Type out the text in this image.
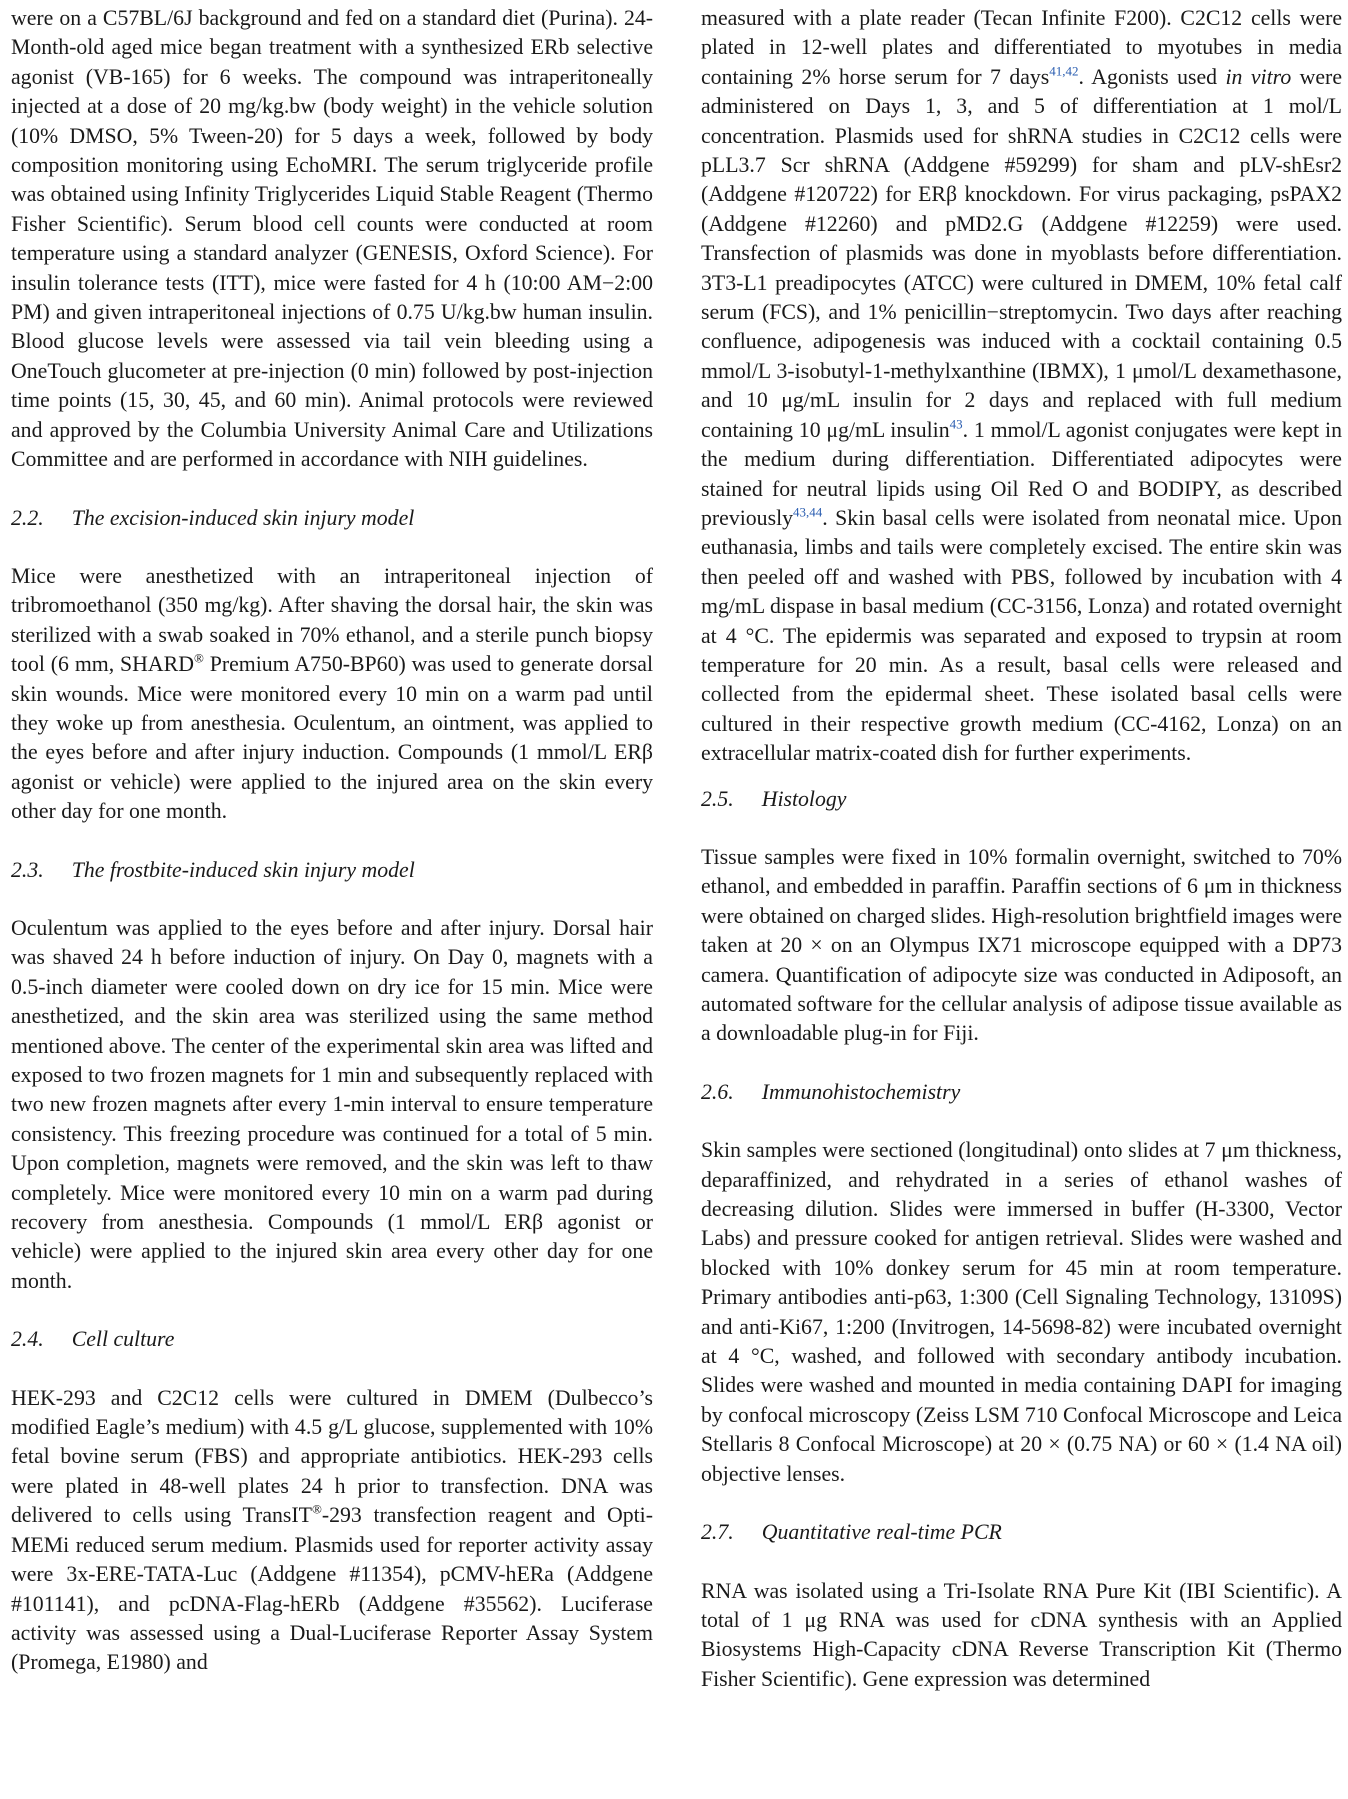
were on a C57BL/6J background and fed on a standard diet (Purina). 24-Month-old aged mice began treatment with a synthesized ERb selective agonist (VB-165) for 6 weeks. The compound was intraperitoneally injected at a dose of 20 mg/kg.bw (body weight) in the vehicle solution (10% DMSO, 5% Tween-20) for 5 days a week, followed by body composition monitoring using EchoMRI. The serum triglyceride profile was obtained using Infinity Triglycerides Liquid Stable Reagent (Thermo Fisher Scientific). Serum blood cell counts were conducted at room temperature using a standard analyzer (GENESIS, Oxford Science). For insulin tolerance tests (ITT), mice were fasted for 4 h (10:00 AM−2:00 PM) and given intraperitoneal injections of 0.75 U/kg.bw human insulin. Blood glucose levels were assessed via tail vein bleeding using a OneTouch glucometer at pre-injection (0 min) followed by post-injection time points (15, 30, 45, and 60 min). Animal protocols were reviewed and approved by the Columbia University Animal Care and Utilizations Committee and are performed in accordance with NIH guidelines.

2.2. The excision-induced skin injury model

Mice were anesthetized with an intraperitoneal injection of tribromoethanol (350 mg/kg). After shaving the dorsal hair, the skin was sterilized with a swab soaked in 70% ethanol, and a sterile punch biopsy tool (6 mm, SHARD® Premium A750-BP60) was used to generate dorsal skin wounds. Mice were monitored every 10 min on a warm pad until they woke up from anesthesia. Oculentum, an ointment, was applied to the eyes before and after injury induction. Compounds (1 mmol/L ERβ agonist or vehicle) were applied to the injured area on the skin every other day for one month.

2.3. The frostbite-induced skin injury model

Oculentum was applied to the eyes before and after injury. Dorsal hair was shaved 24 h before induction of injury. On Day 0, magnets with a 0.5-inch diameter were cooled down on dry ice for 15 min. Mice were anesthetized, and the skin area was sterilized using the same method mentioned above. The center of the experimental skin area was lifted and exposed to two frozen magnets for 1 min and subsequently replaced with two new frozen magnets after every 1-min interval to ensure temperature consistency. This freezing procedure was continued for a total of 5 min. Upon completion, magnets were removed, and the skin was left to thaw completely. Mice were monitored every 10 min on a warm pad during recovery from anesthesia. Compounds (1 mmol/L ERβ agonist or vehicle) were applied to the injured skin area every other day for one month.

2.4. Cell culture

HEK-293 and C2C12 cells were cultured in DMEM (Dulbecco’s modified Eagle’s medium) with 4.5 g/L glucose, supplemented with 10% fetal bovine serum (FBS) and appropriate antibiotics. HEK-293 cells were plated in 48-well plates 24 h prior to transfection. DNA was delivered to cells using TransIT®-293 transfection reagent and Opti-MEMi reduced serum medium. Plasmids used for reporter activity assay were 3x-ERE-TATA-Luc (Addgene #11354), pCMV-hERa (Addgene #101141), and pcDNA-Flag-hERb (Addgene #35562). Luciferase activity was assessed using a Dual-Luciferase Reporter Assay System (Promega, E1980) and

measured with a plate reader (Tecan Infinite F200). C2C12 cells were plated in 12-well plates and differentiated to myotubes in media containing 2% horse serum for 7 days$^{41,42}$. Agonists used in vitro were administered on Days 1, 3, and 5 of differentiation at 1 mol/L concentration. Plasmids used for shRNA studies in C2C12 cells were pLL3.7 Scr shRNA (Addgene #59299) for sham and pLV-shEsr2 (Addgene #120722) for ERβ knockdown. For virus packaging, psPAX2 (Addgene #12260) and pMD2.G (Addgene #12259) were used. Transfection of plasmids was done in myoblasts before differentiation. 3T3-L1 preadipocytes (ATCC) were cultured in DMEM, 10% fetal calf serum (FCS), and 1% penicillin−streptomycin. Two days after reaching confluence, adipogenesis was induced with a cocktail containing 0.5 mmol/L 3-isobutyl-1-methylxanthine (IBMX), 1 μmol/L dexamethasone, and 10 μg/mL insulin for 2 days and replaced with full medium containing 10 μg/mL insulin$^{43}$. 1 mmol/L agonist conjugates were kept in the medium during differentiation. Differentiated adipocytes were stained for neutral lipids using Oil Red O and BODIPY, as described previously$^{43,44}$. Skin basal cells were isolated from neonatal mice. Upon euthanasia, limbs and tails were completely excised. The entire skin was then peeled off and washed with PBS, followed by incubation with 4 mg/mL dispase in basal medium (CC-3156, Lonza) and rotated overnight at 4 °C. The epidermis was separated and exposed to trypsin at room temperature for 20 min. As a result, basal cells were released and collected from the epidermal sheet. These isolated basal cells were cultured in their respective growth medium (CC-4162, Lonza) on an extracellular matrix-coated dish for further experiments.

2.5. Histology

Tissue samples were fixed in 10% formalin overnight, switched to 70% ethanol, and embedded in paraffin. Paraffin sections of 6 μm in thickness were obtained on charged slides. High-resolution brightfield images were taken at 20 × on an Olympus IX71 microscope equipped with a DP73 camera. Quantification of adipocyte size was conducted in Adiposoft, an automated software for the cellular analysis of adipose tissue available as a downloadable plug-in for Fiji.

2.6. Immunohistochemistry

Skin samples were sectioned (longitudinal) onto slides at 7 μm thickness, deparaffinized, and rehydrated in a series of ethanol washes of decreasing dilution. Slides were immersed in buffer (H-3300, Vector Labs) and pressure cooked for antigen retrieval. Slides were washed and blocked with 10% donkey serum for 45 min at room temperature. Primary antibodies anti-p63, 1:300 (Cell Signaling Technology, 13109S) and anti-Ki67, 1:200 (Invitrogen, 14-5698-82) were incubated overnight at 4 °C, washed, and followed with secondary antibody incubation. Slides were washed and mounted in media containing DAPI for imaging by confocal microscopy (Zeiss LSM 710 Confocal Microscope and Leica Stellaris 8 Confocal Microscope) at 20 × (0.75 NA) or 60 × (1.4 NA oil) objective lenses.

2.7. Quantitative real-time PCR

RNA was isolated using a Tri-Isolate RNA Pure Kit (IBI Scientific). A total of 1 μg RNA was used for cDNA synthesis with an Applied Biosystems High-Capacity cDNA Reverse Transcription Kit (Thermo Fisher Scientific). Gene expression was determined
